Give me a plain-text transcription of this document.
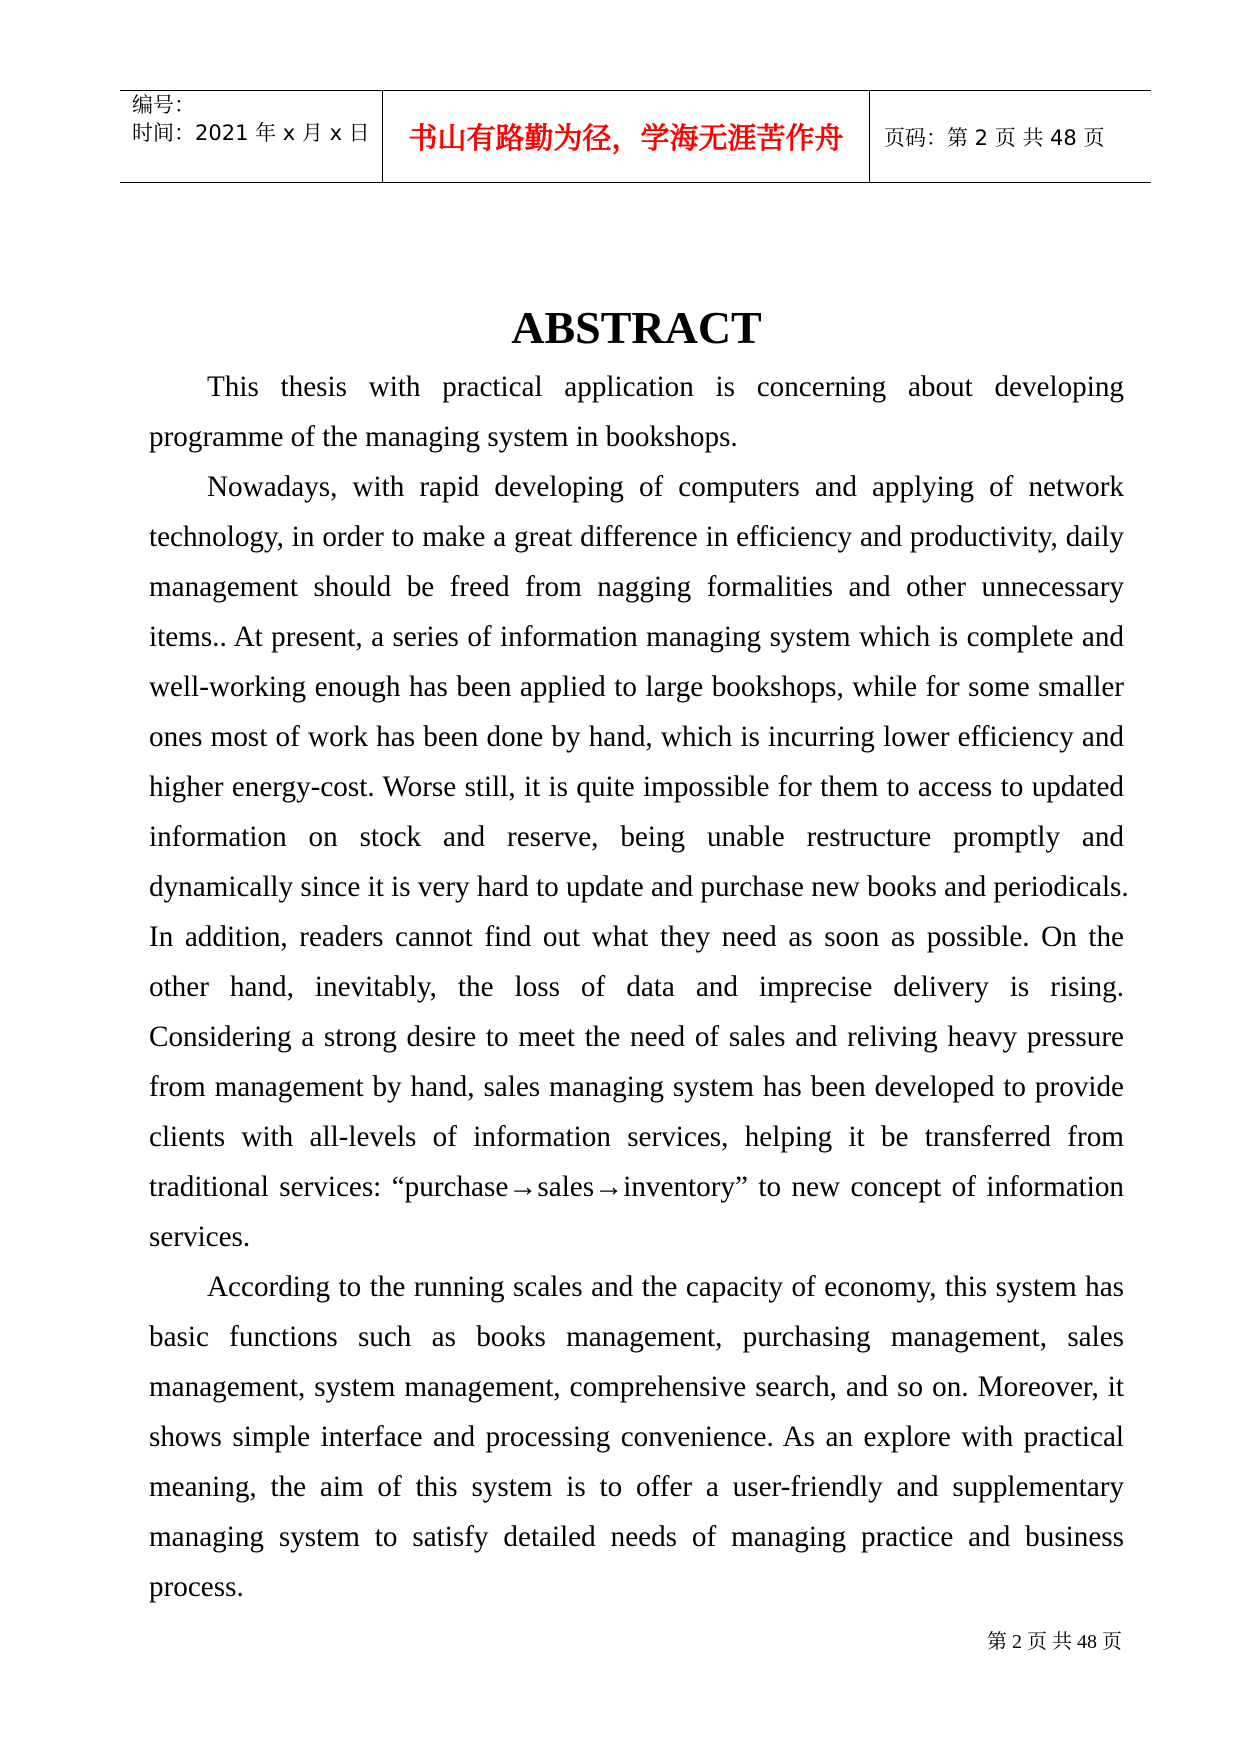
编号：
时间：2021 年 x 月 x 日	书山有路勤为径，学海无涯苦作舟 页码：第 2 页 共 48 页
ABSTRACT
This thesis with practical application is concerning about developing
programme of the managing system in bookshops.
Nowadays, with rapid developing of computers and applying of network
technology, in order to make a great difference in efficiency and productivity, daily
management should be freed from nagging formalities and other unnecessary
items.. At present, a series of information managing system which is complete and
well-working enough has been applied to large bookshops, while for some smaller
ones most of work has been done by hand, which is incurring lower efficiency and
higher energy-cost. Worse still, it is quite impossible for them to access to updated
information on stock and reserve, being unable restructure promptly and
dynamically since it is very hard to update and purchase new books and periodicals.
In addition, readers cannot find out what they need as soon as possible. On the
other hand, inevitably, the loss of data and imprecise delivery is rising.
Considering a strong desire to meet the need of sales and reliving heavy pressure
from management by hand, sales managing system has been developed to provide
clients with all-levels of information services, helping it be transferred from
traditional services: “purchase→sales→inventory” to new concept of information
services.
According to the running scales and the capacity of economy, this system has
basic functions such as books management, purchasing management, sales
management, system management, comprehensive search, and so on. Moreover, it
shows simple interface and processing convenience. As an explore with practical
meaning, the aim of this system is to offer a user-friendly and supplementary
managing system to satisfy detailed needs of managing practice and business
process.
第 2 页 共 48 页
